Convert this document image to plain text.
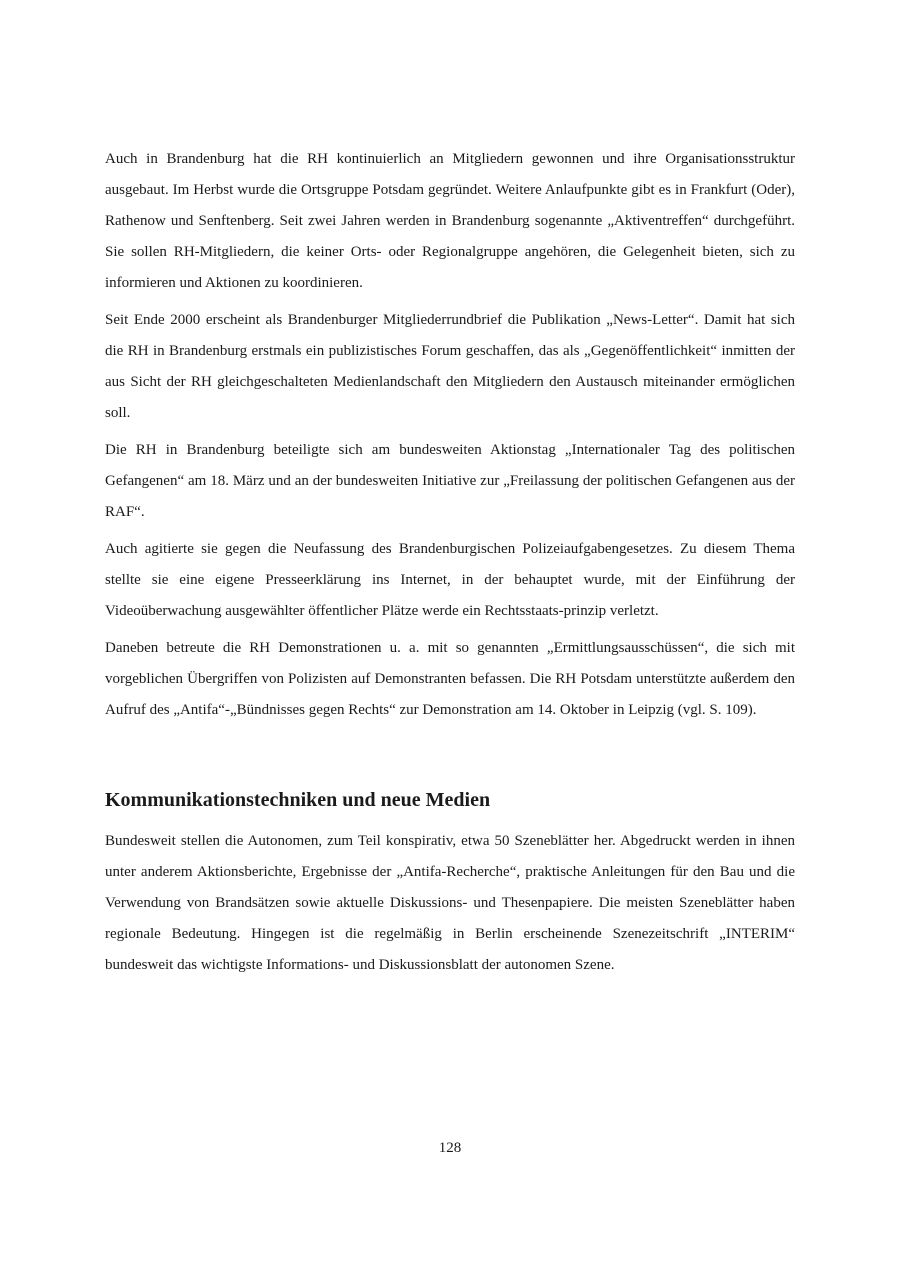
Auch in Brandenburg hat die RH kontinuierlich an Mitgliedern gewonnen und ihre Organisationsstruktur ausgebaut. Im Herbst wurde die Ortsgruppe Potsdam gegründet. Weitere Anlaufpunkte gibt es in Frankfurt (Oder), Rathenow und Senftenberg. Seit zwei Jahren werden in Brandenburg sogenannte „Aktiventreffen“ durchgeführt. Sie sollen RH-Mitgliedern, die keiner Orts- oder Regionalgruppe angehören, die Gelegenheit bieten, sich zu informieren und Aktionen zu koordinieren.

Seit Ende 2000 erscheint als Brandenburger Mitgliederrundbrief die Publikation „News-Letter“. Damit hat sich die RH in Brandenburg erstmals ein publizistisches Forum geschaffen, das als „Gegenöffentlichkeit“ inmitten der aus Sicht der RH gleichgeschalteten Medienlandschaft den Mitgliedern den Austausch miteinander ermöglichen soll.

Die RH in Brandenburg beteiligte sich am bundesweiten Aktionstag „Internationaler Tag des politischen Gefangenen“ am 18. März und an der bundesweiten Initiative zur „Freilassung der politischen Gefangenen aus der RAF“.

Auch agitierte sie gegen die Neufassung des Brandenburgischen Polizeiaufgabengesetzes. Zu diesem Thema stellte sie eine eigene Presseerklärung ins Internet, in der behauptet wurde, mit der Einführung der Videoüberwachung ausgewählter öffentlicher Plätze werde ein Rechtsstaats-prinzip verletzt.

Daneben betreute die RH Demonstrationen u. a. mit so genannten „Ermittlungsausschüssen“, die sich mit vorgeblichen Übergriffen von Polizisten auf Demonstranten befassen. Die RH Potsdam unterstützte außerdem den Aufruf des „Antifa“-„Bündnisses gegen Rechts“ zur Demonstration am 14. Oktober in Leipzig (vgl. S. 109).

Kommunikationstechniken und neue Medien

Bundesweit stellen die Autonomen, zum Teil konspirativ, etwa 50 Szeneblätter her. Abgedruckt werden in ihnen unter anderem Aktionsberichte, Ergebnisse der „Antifa-Recherche“, praktische Anleitungen für den Bau und die Verwendung von Brandsätzen sowie aktuelle Diskussions- und Thesenpapiere. Die meisten Szeneblätter haben regionale Bedeutung. Hingegen ist die regelmäßig in Berlin erscheinende Szenezeitschrift „INTERIM“ bundesweit das wichtigste Informations- und Diskussionsblatt der autonomen Szene.

128
